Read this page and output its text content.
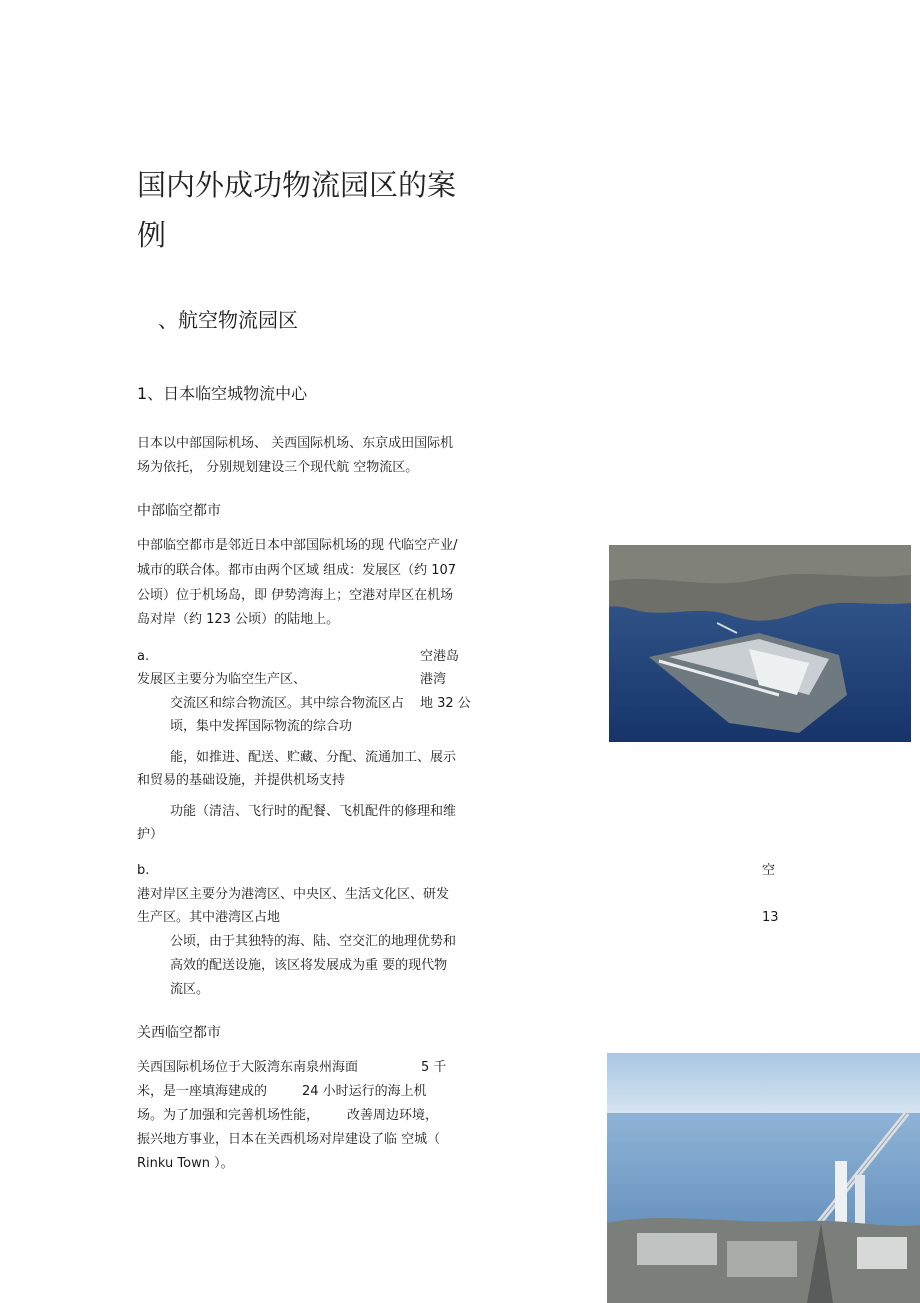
国内外成功物流园区的案例
、航空物流园区
1、日本临空城物流中心
日本以中部国际机场、 关西国际机场、东京成田国际机
场为依托， 分别规划建设三个现代航 空物流区。
中部临空都市
中部临空都市是邻近日本中部国际机场的现 代临空产业/
城市的联合体。都市由两个区域 组成：发展区（约 107
公顷）位于机场岛，即 伊势湾海上；空港对岸区在机场
岛对岸（约 123 公顷）的陆地上。
a.	空港岛
发展区主要分为临空生产区、	港湾
交流区和综合物流区。其中综合物流区占 地 32 公
顷，集中发挥国际物流的综合功
能，如推进、配送、贮藏、分配、流通加工、展示
和贸易的基础设施，并提供机场支持
功能（清洁、飞行时的配餐、飞机配件的修理和维
护）
b.	空
港对岸区主要分为港湾区、中央区、生活文化区、研发
生产区。其中港湾区占地	13
公顷，由于其独特的海、陆、空交汇的地理优势和
高效的配送设施，该区将发展成为重 要的现代物
流区。
关西临空都市
关西国际机场位于大阪湾东南泉州海面	5 千
米，是一座填海建成的	24 小时运行的海上机
场。为了加强和完善机场性能， 改善周边环境，
振兴地方事业，日本在关西机场对岸建设了临 空城（
Rinku Town ）。
